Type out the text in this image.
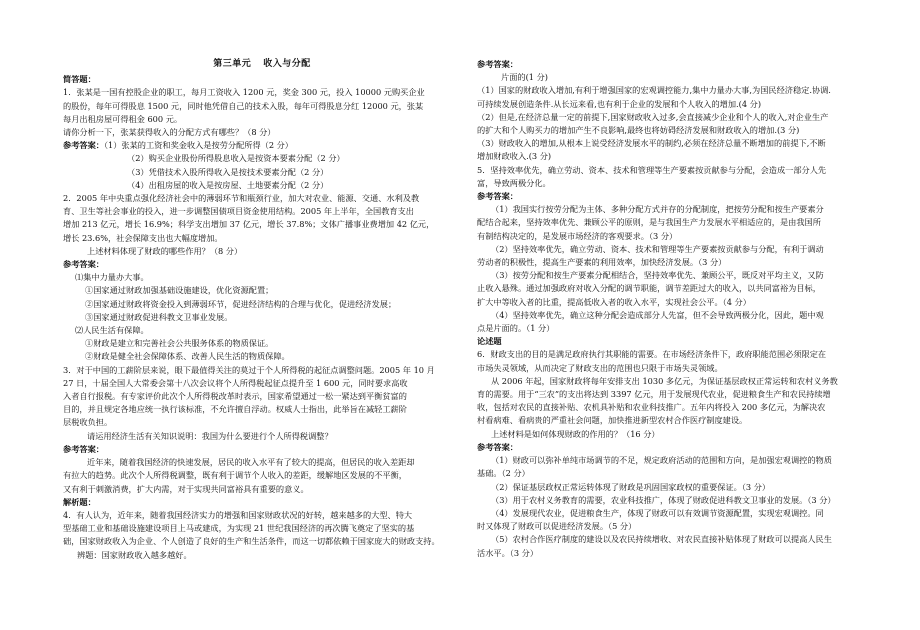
第三单元 收入与分配

简答题：

1．张某是一国有控股企业的职工，每月工资收入 1200 元，奖金 300 元，投入 10000 元购买企业

的股份，每年可得股息 1500 元，同时他凭借自己的技术入股，每年可得股息分红 12000 元，张某

每月出租房屋可得租金 600 元。

请你分析一下，张某获得收入的分配方式有哪些？（8 分）

参考答案：（1）张某的工资和奖金收入是按劳分配所得（2 分）

（2）购买企业股份所得股息收入是按资本要素分配（2 分）

（3）凭借技术入股所得收入是按技术要素分配（2 分）

（4）出租房屋的收入是按房屋、土地要素分配（2 分）

2．2005 年中央重点强化经济社会中的薄弱环节和瓶颈行业，加大对农业、能源、交通、水利及教

育、卫生等社会事业的投入，进一步调整国债项目资金使用结构。2005 年上半年，全国教育支出

增加 213 亿元，增长 16.9%；科学支出增加 37 亿元，增长 37.8%；文体广播事业费增加 42 亿元，

增长 23.6%，社会保障支出也大幅度增加。

上述材料体现了财政的哪些作用？（8 分）

参考答案：

⑴集中力量办大事。

①国家通过财政加强基础设施建设，优化资源配置；

②国家通过财政将资金投入到薄弱环节，促进经济结构的合理与优化，促进经济发展；

③国家通过财政促进科教文卫事业发展。

⑵人民生活有保障。

①财政是建立和完善社会公共服务体系的物质保证。

②财政是健全社会保障体系、改善人民生活的物质保障。

3．对于中国的工薪阶层来说，眼下最值得关注的莫过于个人所得税的起征点调整问题。2005 年 10 月

27 日，十届全国人大常委会第十八次会议将个人所得税起征点提升至 1 600 元，同时要求高收

入者自行报税。有专家评价此次个人所得税改革时表示，国家希望通过一松一紧达到平衡贫富的

目的，并且规定各地应统一执行该标准，不允许擅自浮动。权威人士指出，此举旨在减轻工薪阶

层税收负担。

请运用经济生活有关知识说明：我国为什么要进行个人所得税调整？

参考答案：

近年来，随着我国经济的快速发展，居民的收入水平有了较大的提高，但居民的收入差距却

有拉大的趋势。此次个人所得税调整，既有利于调节个人收入的差距，缓解地区发展的不平衡，

又有利于刺激消费，扩大内需，对于实现共同富裕具有重要的意义。

解析题：

4．有人认为，近年来，随着我国经济实力的增强和国家财政状况的好转，越来越多的大型、特大

型基础工业和基础设施建设项目上马或建成，为实现 21 世纪我国经济的再次腾飞奠定了坚实的基

础，国家财政收入为企业、个人创造了良好的生产和生活条件，而这一切都依赖于国家庞大的财政支持。

辨题：国家财政收入越多越好。

参考答案：

片面的(1 分)

（1）国家的财政收入增加,有利于增强国家的宏观调控能力,集中力量办大事,为国民经济稳定.协调.

可持续发展创造条件.从长远来看,也有利于企业的发展和个人收入的增加.(4 分)

（2）但是,在经济总量一定的前提下,国家财政收入过多,会直接减少企业和个人的收入,对企业生产

的扩大和个人购买力的增加产生不良影响,最终也将妨碍经济发展和财政收入的增加.(3 分)

（3）财政收入的增加,从根本上说受经济发展水平的制约,必须在经济总量不断增加的前提下,不断

增加财政收入.(3 分)

5．坚持效率优先，确立劳动、资本、技术和管理等生产要素按贡献参与分配，会造成一部分人先

富，导致两极分化。

参考答案：

（1）我国实行按劳分配为主体、多种分配方式并存的分配制度，把按劳分配和按生产要素分

配结合起来，坚持效率优先、兼顾公平的原则，是与我国生产力发展水平相适应的，是由我国所

有制结构决定的，是发展市场经济的客观要求。（3 分）

（2）坚持效率优先，确立劳动、资本、技术和管理等生产要素按贡献参与分配，有利于调动

劳动者的积极性，提高生产要素的利用效率，加快经济发展。（3 分）

（3）按劳分配和按生产要素分配相结合，坚持效率优先、兼顾公平，既反对平均主义，又防

止收入悬殊。通过加强政府对收入分配的调节职能，调节差距过大的收入，以共同富裕为目标，

扩大中等收入者的比重，提高低收入者的收入水平，实现社会公平。（4 分）

（4）坚持效率优先，确立这种分配会造成部分人先富，但不会导致两极分化，因此，题中观

点是片面的。（1 分）

论述题

6．财政支出的目的是满足政府执行其职能的需要。在市场经济条件下，政府职能范围必须限定在

市场失灵领域，从而决定了财政支出的范围也只限于市场失灵领域。

从 2006 年起，国家财政将每年安排支出 1030 多亿元，为保证基层政权正常运转和农村义务教

育的需要。用于“三农”的支出将达到 3397 亿元，用于发展现代农业，促进粮食生产和农民持续增

收，包括对农民的直接补贴、农机具补贴和农业科技推广。五年内将投入 200 多亿元，为解决农

村看病难、看病贵的严重社会问题，加快推进新型农村合作医疗制度建设。

上述材料是如何体现财政的作用的？（16 分）

参考答案：

（1）财政可以弥补单纯市场调节的不足，规定政府活动的范围和方向，是加强宏观调控的物质

基础。（2 分）

（2）保证基层政权正常运转体现了财政是巩固国家政权的重要保证。（3 分）

（3）用于农村义务教育的需要，农业科技推广，体现了财政促进科教文卫事业的发展。（3 分）

（4）发展现代农业，促进粮食生产，体现了财政可以有效调节资源配置，实现宏观调控。同

时又体现了财政可以促进经济发展。（5 分）

（5）农村合作医疗制度的建设以及农民持续增收、对农民直接补贴体现了财政可以提高人民生

活水平。（3 分）
